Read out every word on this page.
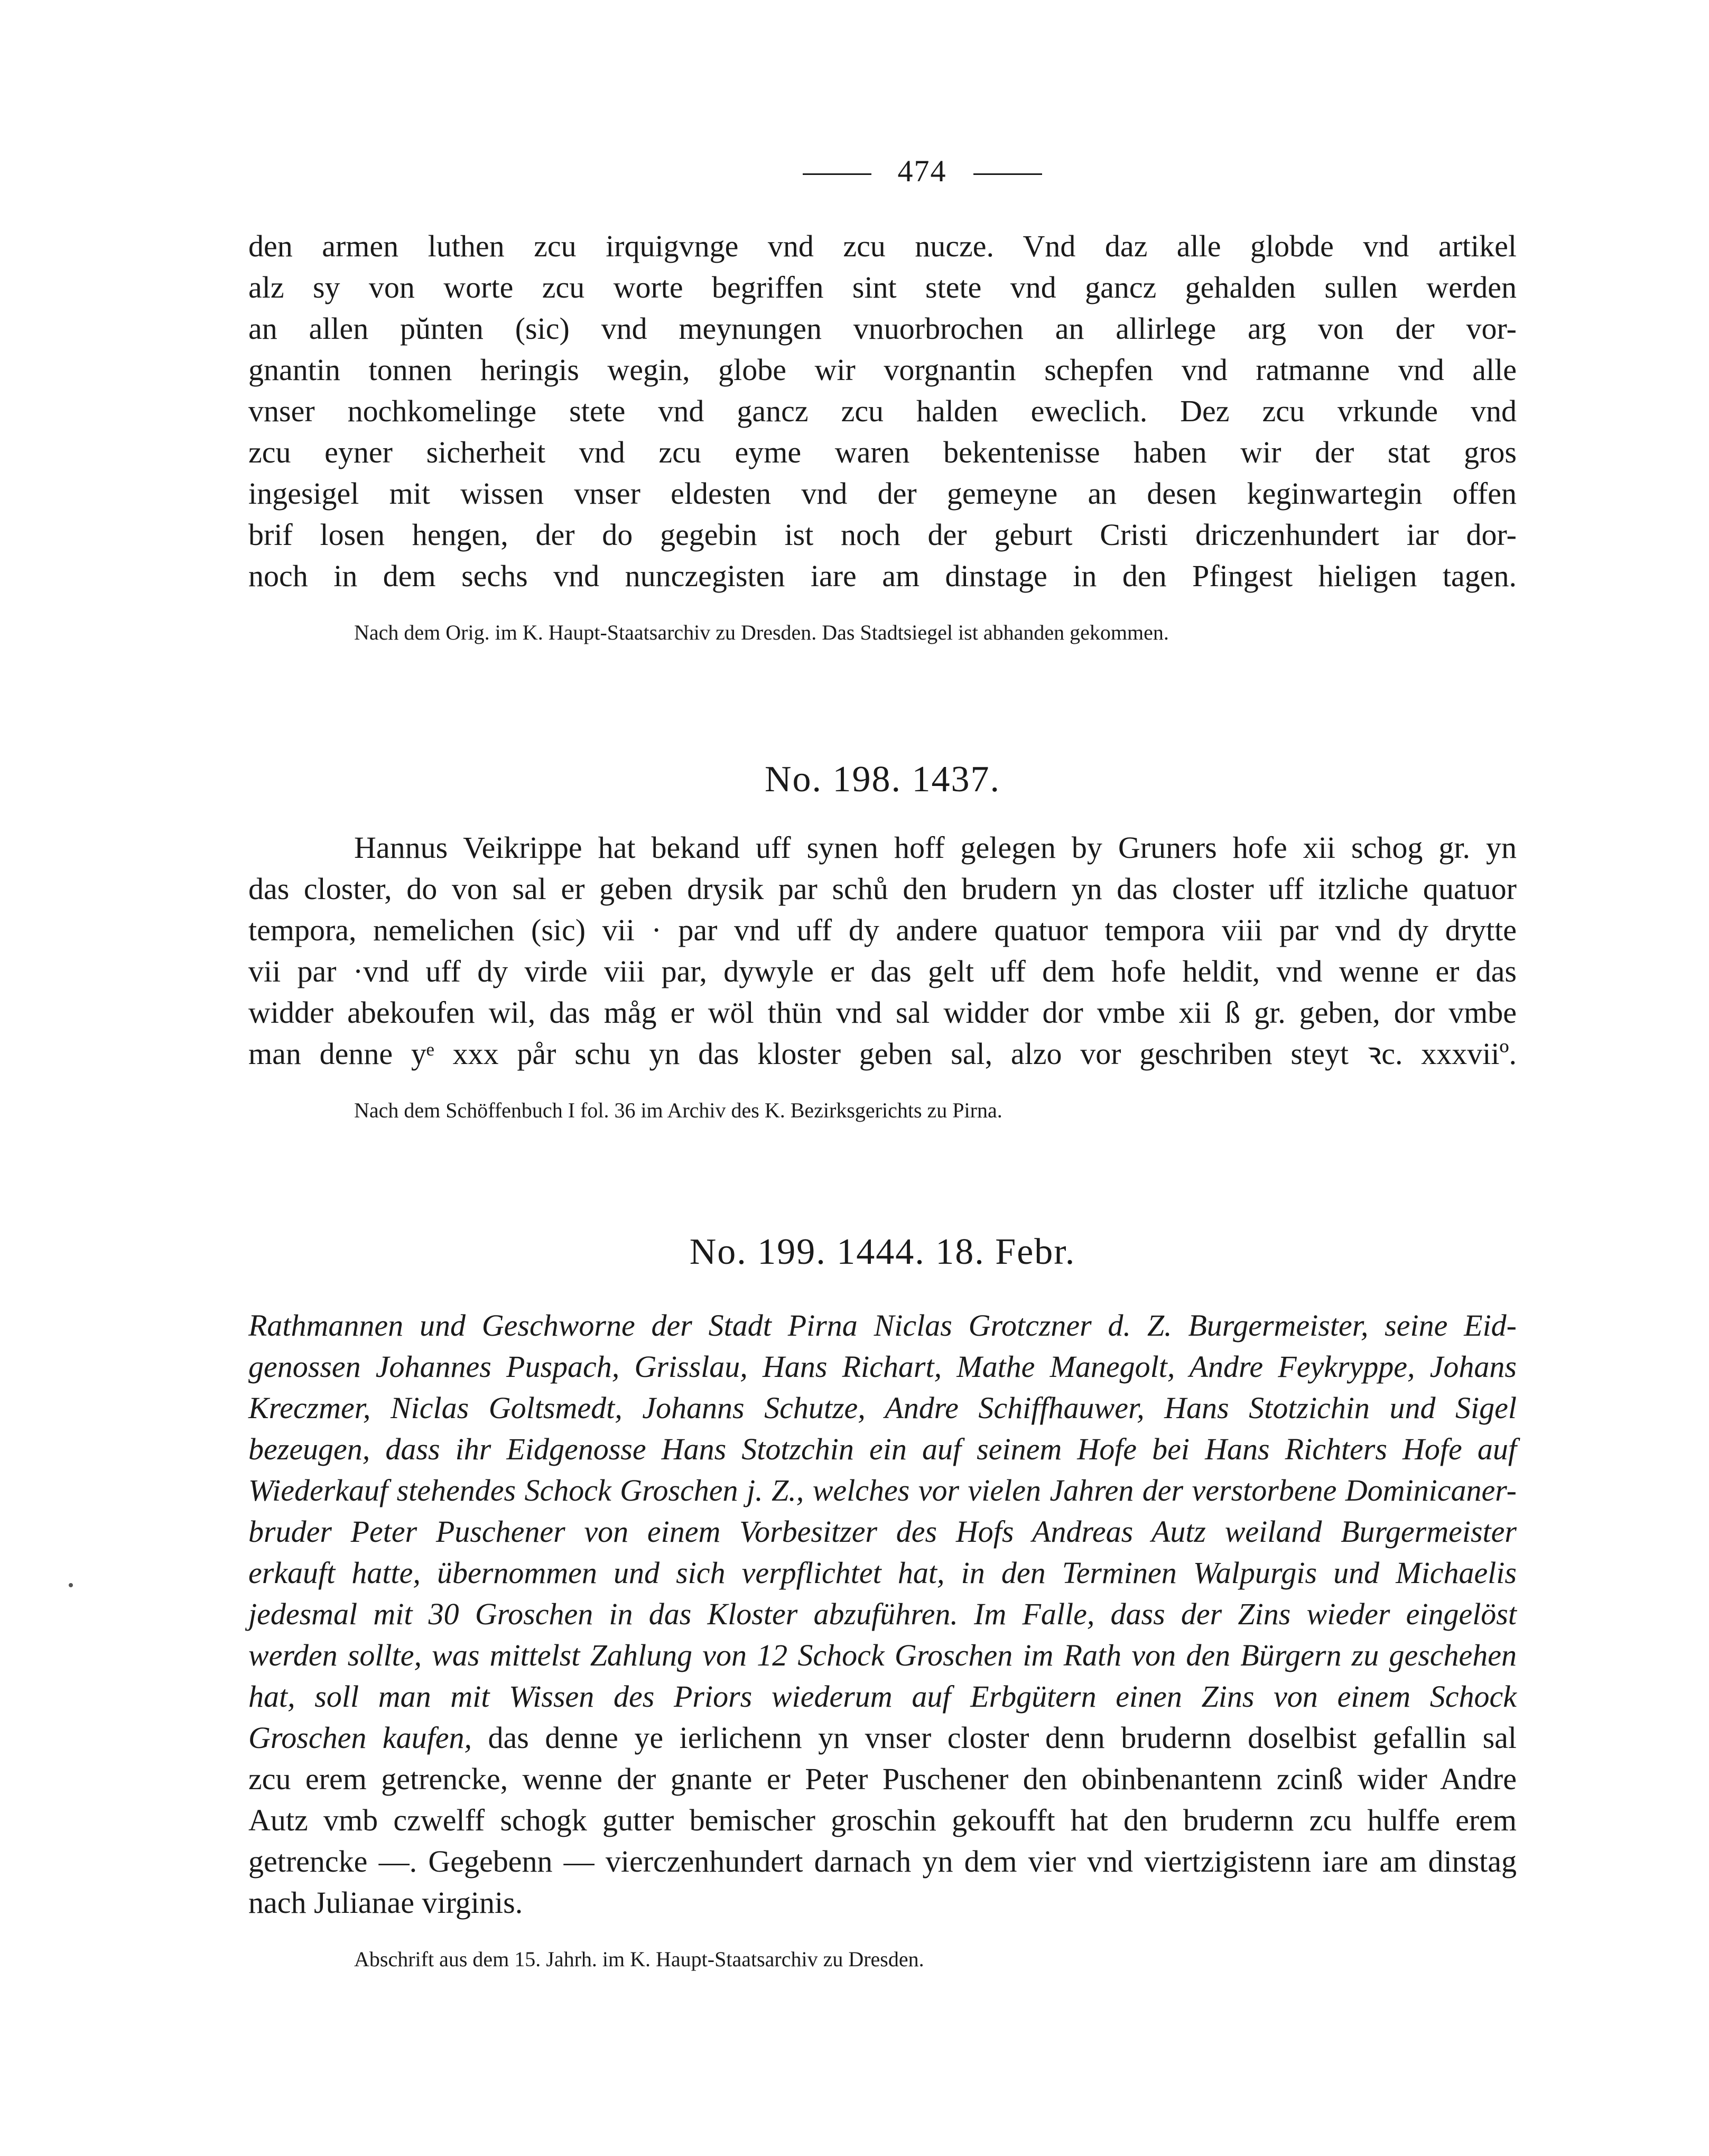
474
den armen luthen zcu irquigvnge vnd zcu nucze. Vnd daz alle globde vnd artikel
alz sy von worte zcu worte begriffen sint stete vnd gancz gehalden sullen werden
an allen pŭnten (sic) vnd meynungen vnuorbrochen an allirlege arg von der vor-
gnantin tonnen heringis wegin, globe wir vorgnantin schepfen vnd ratmanne vnd alle
vnser nochkomelinge stete vnd gancz zcu halden eweclich. Dez zcu vrkunde vnd
zcu eyner sicherheit vnd zcu eyme waren bekentenisse haben wir der stat gros
ingesigel mit wissen vnser eldesten vnd der gemeyne an desen keginwartegin offen
brif losen hengen, der do gegebin ist noch der geburt Cristi driczenhundert iar dor-
noch in dem sechs vnd nunczegisten iare am dinstage in den Pfingest hieligen tagen.
Nach dem Orig. im K. Haupt-Staatsarchiv zu Dresden. Das Stadtsiegel ist abhanden gekommen.
No. 198. 1437.
Hannus Veikrippe hat bekand uff synen hoff gelegen by Gruners hofe xii schog gr. yn
das closter, do von sal er geben drysik par schů den brudern yn das closter uff itzliche quatuor
tempora, nemelichen (sic) vii · par vnd uff dy andere quatuor tempora viii par vnd dy drytte
vii par ·vnd uff dy virde viii par, dywyle er das gelt uff dem hofe heldit, vnd wenne er das
widder abekoufen wil, das måg er wöl thün vnd sal widder dor vmbe xii ß gr. geben, dor vmbe
man denne yᵉ xxx pår schu yn das kloster geben sal, alzo vor geschriben steyt ꝛc. xxxviiº.
Nach dem Schöffenbuch I fol. 36 im Archiv des K. Bezirksgerichts zu Pirna.
No. 199. 1444. 18. Febr.
Rathmannen und Geschworne der Stadt Pirna Niclas Grotczner d. Z. Burgermeister, seine Eid-
genossen Johannes Puspach, Grisslau, Hans Richart, Mathe Manegolt, Andre Feykryppe, Johans
Kreczmer, Niclas Goltsmedt, Johanns Schutze, Andre Schiffhauwer, Hans Stotzichin und Sigel
bezeugen, dass ihr Eidgenosse Hans Stotzchin ein auf seinem Hofe bei Hans Richters Hofe auf
Wiederkauf stehendes Schock Groschen j. Z., welches vor vielen Jahren der verstorbene Dominicaner-
bruder Peter Puschener von einem Vorbesitzer des Hofs Andreas Autz weiland Burgermeister
erkauft hatte, übernommen und sich verpflichtet hat, in den Terminen Walpurgis und Michaelis
jedesmal mit 30 Groschen in das Kloster abzuführen. Im Falle, dass der Zins wieder eingelöst
werden sollte, was mittelst Zahlung von 12 Schock Groschen im Rath von den Bürgern zu geschehen
hat, soll man mit Wissen des Priors wiederum auf Erbgütern einen Zins von einem Schock
Groschen kaufen, das denne ye ierlichenn yn vnser closter denn brudernn doselbist gefallin sal
zcu erem getrencke, wenne der gnante er Peter Puschener den obinbenantenn zcinß wider Andre
Autz vmb czwelff schogk gutter bemischer groschin gekoufft hat den brudernn zcu hulffe erem
getrencke —. Gegebenn — vierczenhundert darnach yn dem vier vnd viertzigistenn iare am dinstag
nach Julianae virginis.
Abschrift aus dem 15. Jahrh. im K. Haupt-Staatsarchiv zu Dresden.
